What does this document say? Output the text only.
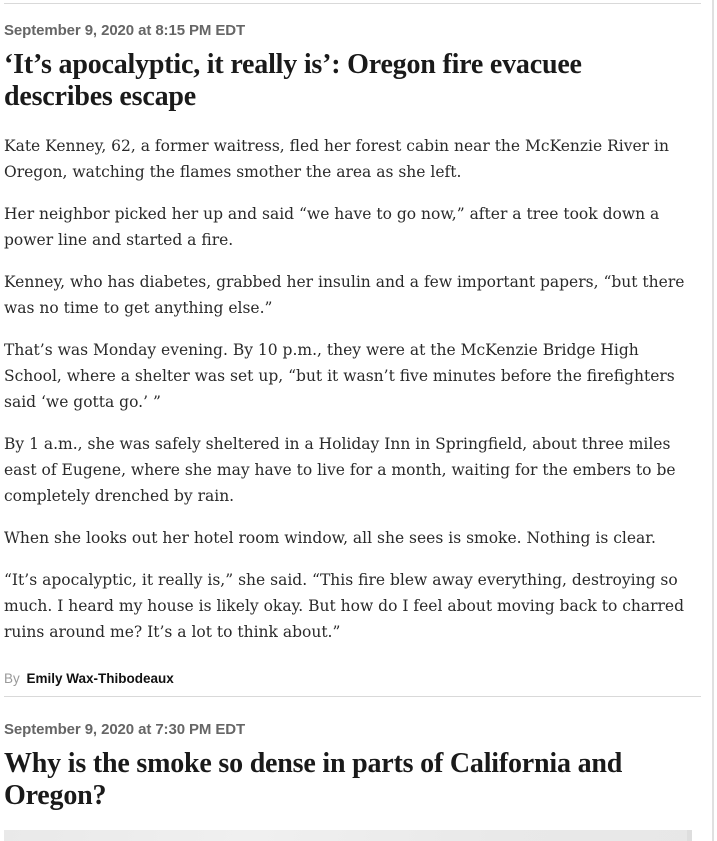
September 9, 2020 at 8:15 PM EDT
‘It’s apocalyptic, it really is’: Oregon fire evacuee describes escape

Kate Kenney, 62, a former waitress, fled her forest cabin near the McKenzie River in Oregon, watching the flames smother the area as she left.

Her neighbor picked her up and said “we have to go now,” after a tree took down a power line and started a fire.

Kenney, who has diabetes, grabbed her insulin and a few important papers, “but there was no time to get anything else.”

That’s was Monday evening. By 10 p.m., they were at the McKenzie Bridge High School, where a shelter was set up, “but it wasn’t five minutes before the firefighters said ‘we gotta go.’ ”

By 1 a.m., she was safely sheltered in a Holiday Inn in Springfield, about three miles east of Eugene, where she may have to live for a month, waiting for the embers to be completely drenched by rain.

When she looks out her hotel room window, all she sees is smoke. Nothing is clear.

“It’s apocalyptic, it really is,” she said. “This fire blew away everything, destroying so much. I heard my house is likely okay. But how do I feel about moving back to charred ruins around me? It’s a lot to think about.”

By Emily Wax-Thibodeaux
September 9, 2020 at 7:30 PM EDT
Why is the smoke so dense in parts of California and Oregon?
